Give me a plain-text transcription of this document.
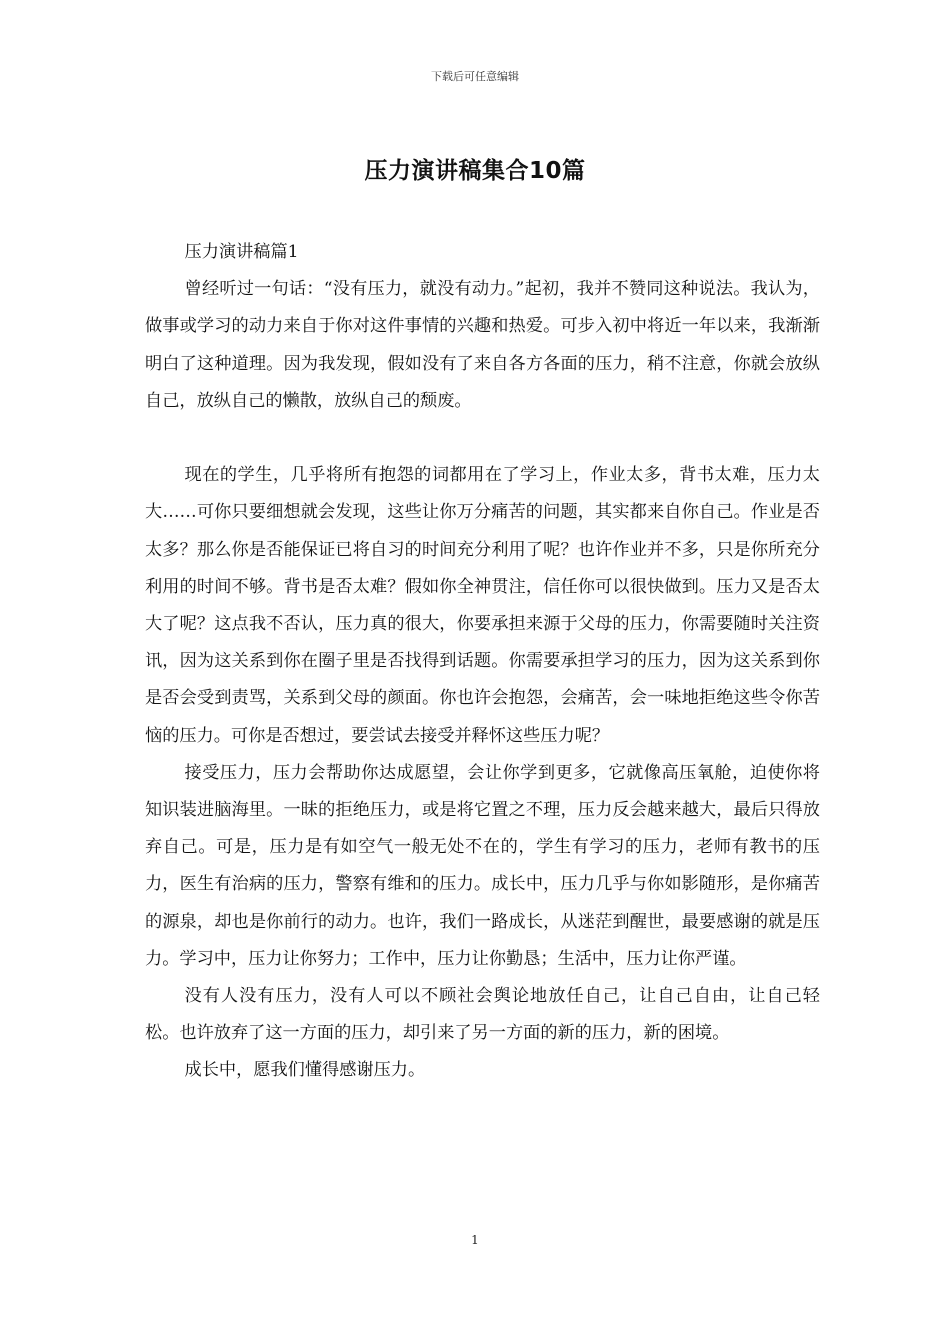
下载后可任意编辑
压力演讲稿集合10篇

压力演讲稿篇1

曾经听过一句话：“没有压力，就没有动力。”起初，我并不赞同这种说法。我认为，做事或学习的动力来自于你对这件事情的兴趣和热爱。可步入初中将近一年以来，我渐渐明白了这种道理。因为我发现，假如没有了来自各方各面的压力，稍不注意，你就会放纵自己，放纵自己的懒散，放纵自己的颓废。

现在的学生，几乎将所有抱怨的词都用在了学习上，作业太多，背书太难，压力太大……可你只要细想就会发现，这些让你万分痛苦的问题，其实都来自你自己。作业是否太多？那么你是否能保证已将自习的时间充分利用了呢？也许作业并不多，只是你所充分利用的时间不够。背书是否太难？假如你全神贯注，信任你可以很快做到。压力又是否太大了呢？这点我不否认，压力真的很大，你要承担来源于父母的压力，你需要随时关注资讯，因为这关系到你在圈子里是否找得到话题。你需要承担学习的压力，因为这关系到你是否会受到责骂，关系到父母的颜面。你也许会抱怨，会痛苦，会一味地拒绝这些令你苦恼的压力。可你是否想过，要尝试去接受并释怀这些压力呢？

接受压力，压力会帮助你达成愿望，会让你学到更多，它就像高压氧舱，迫使你将知识装进脑海里。一昧的拒绝压力，或是将它置之不理，压力反会越来越大，最后只得放弃自己。可是，压力是有如空气一般无处不在的，学生有学习的压力，老师有教书的压力，医生有治病的压力，警察有维和的压力。成长中，压力几乎与你如影随形，是你痛苦的源泉，却也是你前行的动力。也许，我们一路成长，从迷茫到醒世，最要感谢的就是压力。学习中，压力让你努力；工作中，压力让你勤恳；生活中，压力让你严谨。

没有人没有压力，没有人可以不顾社会舆论地放任自己，让自己自由，让自己轻松。也许放弃了这一方面的压力，却引来了另一方面的新的压力，新的困境。

成长中，愿我们懂得感谢压力。

1
